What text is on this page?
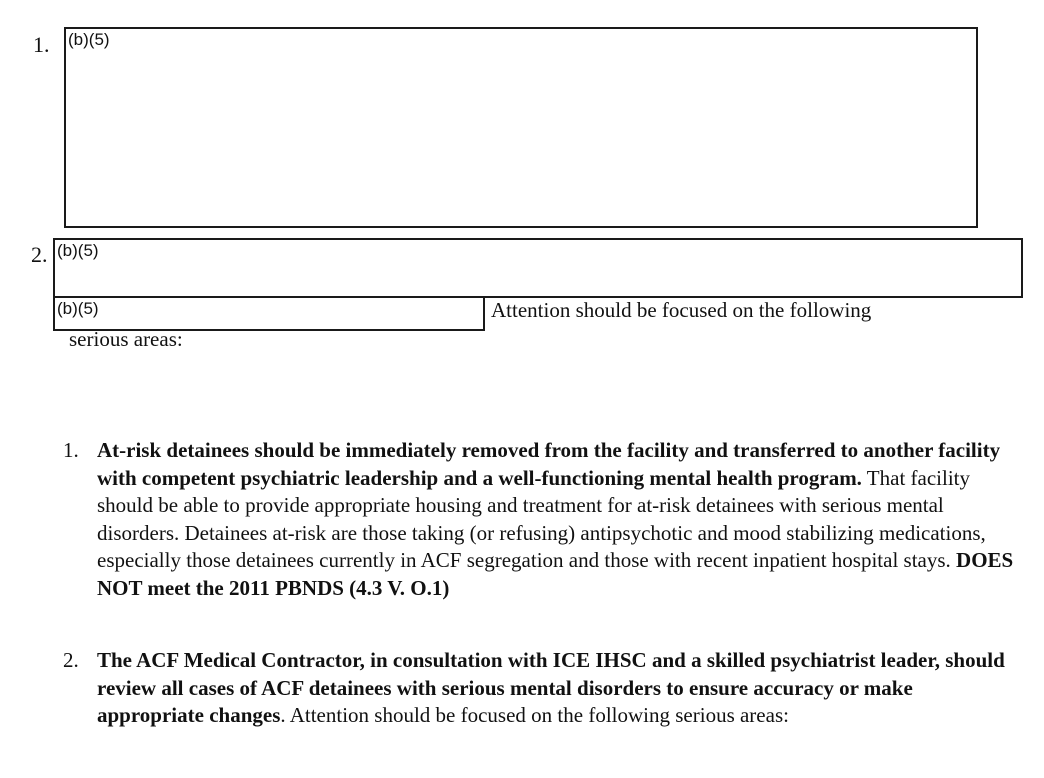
1. (b)(5)
2. (b)(5)
(b)(5)	Attention should be focused on the following
serious areas:
1. At-risk detainees should be immediately removed from the facility and transferred to another facility with competent psychiatric leadership and a well-functioning mental health program. That facility should be able to provide appropriate housing and treatment for at-risk detainees with serious mental disorders. Detainees at-risk are those taking (or refusing) antipsychotic and mood stabilizing medications, especially those detainees currently in ACF segregation and those with recent inpatient hospital stays. DOES NOT meet the 2011 PBNDS (4.3 V. O.1)
2. The ACF Medical Contractor, in consultation with ICE IHSC and a skilled psychiatrist leader, should review all cases of ACF detainees with serious mental disorders to ensure accuracy or make appropriate changes. Attention should be focused on the following serious areas:
